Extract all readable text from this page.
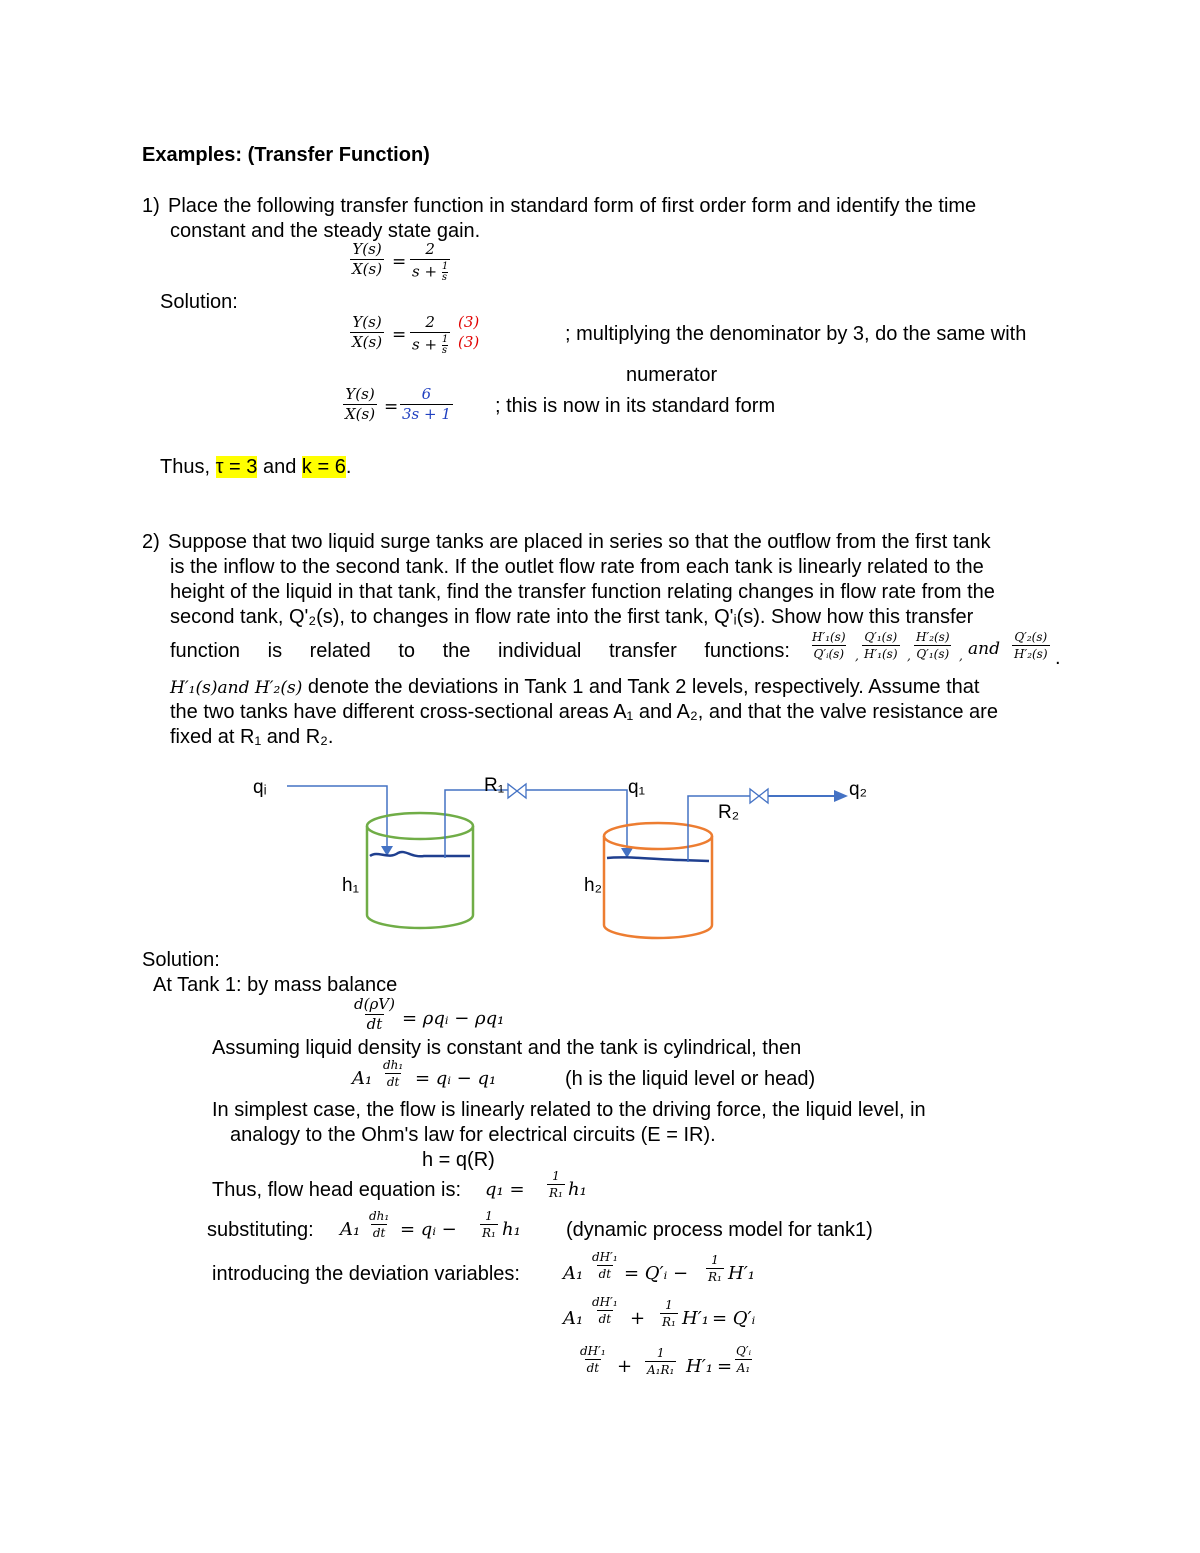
Examples: (Transfer Function)
1) Place the following transfer function in standard form of first order form and identify the time
constant and the steady state gain.
$\frac{Y(s)}{X(s)} = \frac{2}{s + \frac{1}{s}}$
Solution:
$\frac{Y(s)}{X(s)} = \frac{2}{s + \frac{1}{s}} (3)$
(3)	; multiplying the denominator by 3, do the same with
numerator
$\frac{Y(s)}{X(s)} = \frac{6}{3s + 1}$ ; this is now in its standard form
Thus, τ = 3 and k = 6.
2) Suppose that two liquid surge tanks are placed in series so that the outflow from the first tank
is the inflow to the second tank. If the outlet flow rate from each tank is linearly related to the
height of the liquid in that tank, find the transfer function relating changes in flow rate from the
second tank, Q'₂(s), to changes in flow rate into the first tank, Q'ᵢ(s). Show how this transfer
function is related to the individual transfer functions: $\frac{\text{H′₁(s)}}{\text{Q′ᵢ(s)}}$ , $\frac{\text{Q′₁(s)}}{\text{H′₁(s)}}$ , $\frac{\text{H′₂(s)}}{\text{Q′₁(s)}}$ , and $\frac{\text{Q′₂(s)}}{\text{H′₂(s)}}$ .
H′₁(s)and H′₂(s) denote the deviations in Tank 1 and Tank 2 levels, respectively. Assume that
the two tanks have different cross-sectional areas A₁ and A₂, and that the valve resistance are
fixed at R₁ and R₂.
qᵢ	R₁	q₁	q₂
R₂
h₁	h₂
Solution:
At Tank 1: by mass balance
$\frac{d(\rho V)}{dt}$ = ρqᵢ − ρq₁
Assuming liquid density is constant and the tank is cylindrical, then
$A_1 \frac{\text{dh₁}}{dt}$ = qᵢ − q₁	(h is the liquid level or head)
In simplest case, the flow is linearly related to the driving force, the liquid level, in
analogy to the Ohm's law for electrical circuits (E = IR).
h = q(R)
Thus, flow head equation is: $q_1 = \frac{1}{\text{R₁}} h_1$
substituting: $A_1 \frac{\text{dh₁}}{dt}$ = qᵢ − $\frac{1}{\text{R₁}} h_1$ (dynamic process model for tank1)
introducing the deviation variables: $A_1 \frac{\text{dH′₁}}{dt}$ = Q′ᵢ − $\frac{1}{\text{R₁}} H'_1$
$A_1 \frac{\text{dH′₁}}{dt} + \frac{1}{\text{R₁}} H'_1$ = Q′ᵢ
$\frac{\text{dH′₁}}{dt} + \frac{1}{\text{A₁R₁}} H'_1 = \frac{\text{Q′ᵢ}}{\text{A₁}}$
